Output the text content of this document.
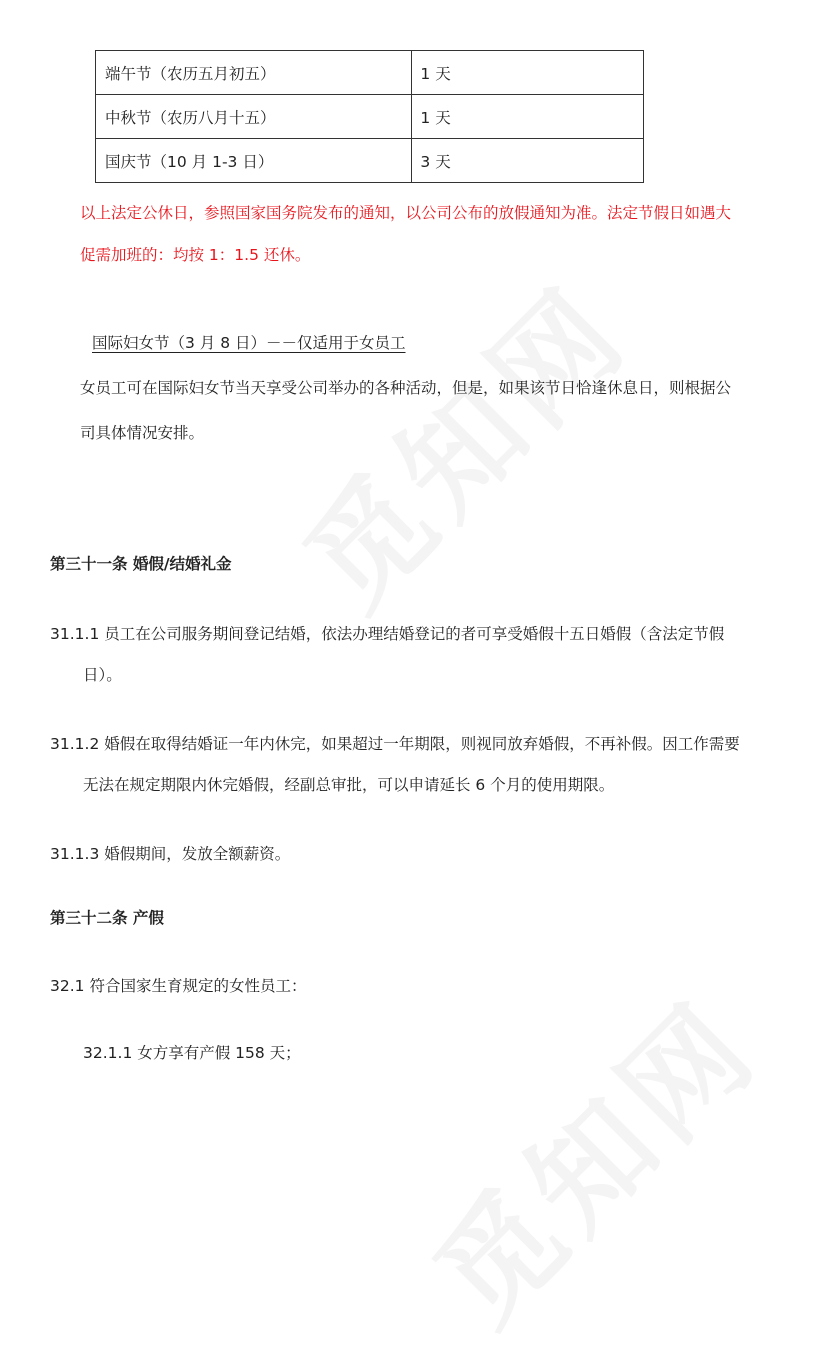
端午节（农历五月初五）	1 天
中秋节（农历八月十五）	1 天
国庆节（10 月 1-3 日）	3 天
以上法定公休日，参照国家国务院发布的通知，以公司公布的放假通知为准。法定节假日如遇大
促需加班的：均按 1：1.5 还休。
国际妇女节（3 月 8 日）－－仅适用于女员工
女员工可在国际妇女节当天享受公司举办的各种活动，但是，如果该节日恰逢休息日，则根据公
司具体情况安排。
第三十一条 婚假/结婚礼金
31.1.1 员工在公司服务期间登记结婚，依法办理结婚登记的者可享受婚假十五日婚假（含法定节假
日）。
31.1.2 婚假在取得结婚证一年内休完，如果超过一年期限，则视同放弃婚假，不再补假。因工作需要
无法在规定期限内休完婚假，经副总审批，可以申请延长 6 个月的使用期限。
31.1.3 婚假期间，发放全额薪资。
第三十二条 产假
32.1 符合国家生育规定的女性员工：
32.1.1 女方享有产假 158 天；
